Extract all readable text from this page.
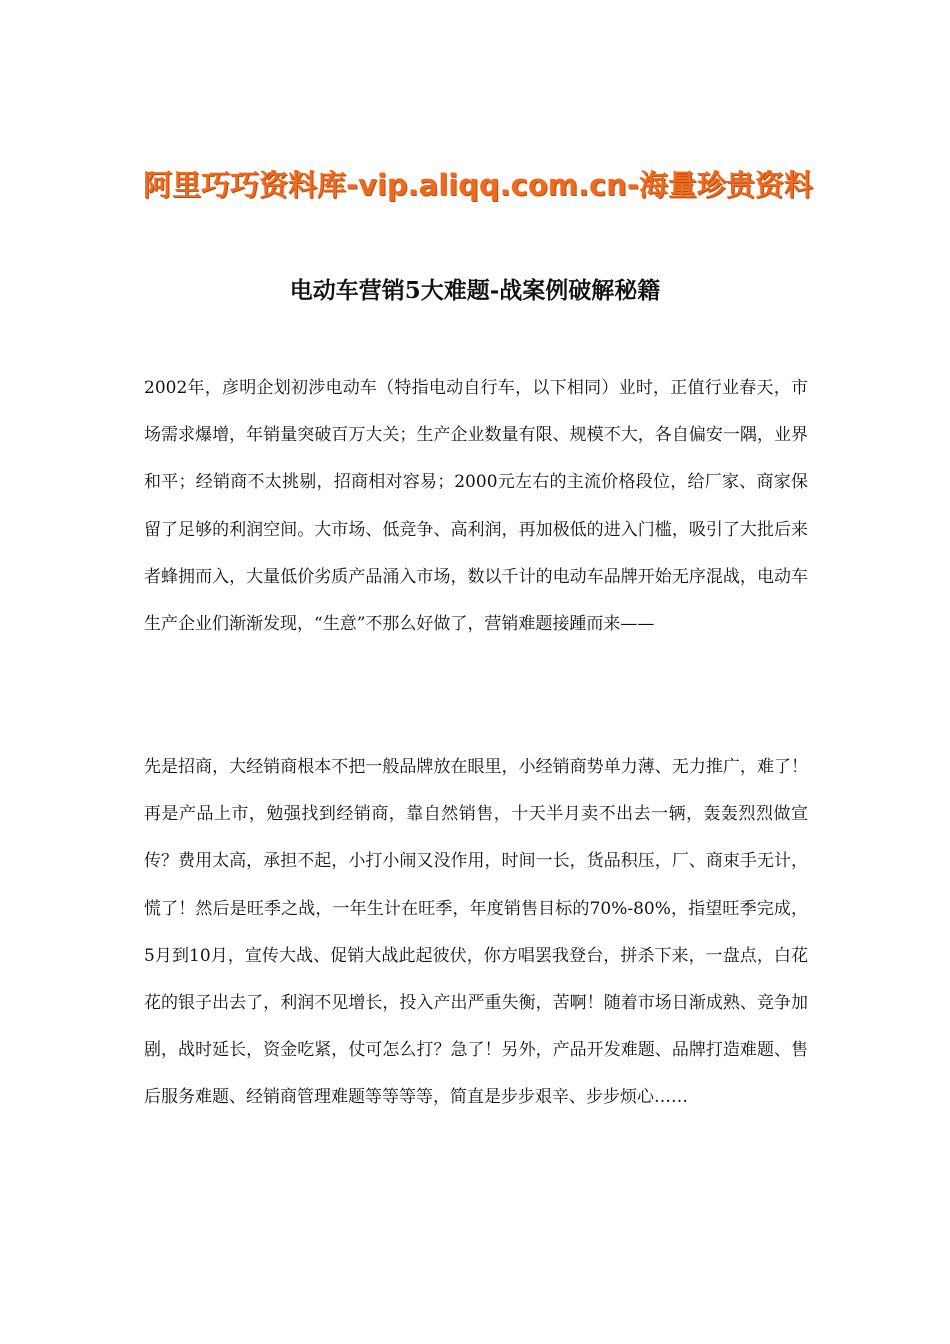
阿里巧巧资料库-vip.aliqq.com.cn-海量珍贵资料
电动车营销5大难题-战案例破解秘籍

2002年，彦明企划初涉电动车（特指电动自行车，以下相同）业时，正值行业春天，市场需求爆增，年销量突破百万大关；生产企业数量有限、规模不大，各自偏安一隅，业界和平；经销商不太挑剔，招商相对容易；2000元左右的主流价格段位，给厂家、商家保留了足够的利润空间。大市场、低竞争、高利润，再加极低的进入门槛，吸引了大批后来者蜂拥而入，大量低价劣质产品涌入市场，数以千计的电动车品牌开始无序混战，电动车生产企业们渐渐发现，“生意”不那么好做了，营销难题接踵而来——

先是招商，大经销商根本不把一般品牌放在眼里，小经销商势单力薄、无力推广，难了！再是产品上市，勉强找到经销商，靠自然销售，十天半月卖不出去一辆，轰轰烈烈做宣传？费用太高，承担不起，小打小闹又没作用，时间一长，货品积压，厂、商束手无计，慌了！然后是旺季之战，一年生计在旺季，年度销售目标的70%-80%，指望旺季完成，5月到10月，宣传大战、促销大战此起彼伏，你方唱罢我登台，拼杀下来，一盘点，白花花的银子出去了，利润不见增长，投入产出严重失衡，苦啊！随着市场日渐成熟、竞争加剧，战时延长，资金吃紧，仗可怎么打？急了！另外，产品开发难题、品牌打造难题、售后服务难题、经销商管理难题等等等等，简直是步步艰辛、步步烦心……
